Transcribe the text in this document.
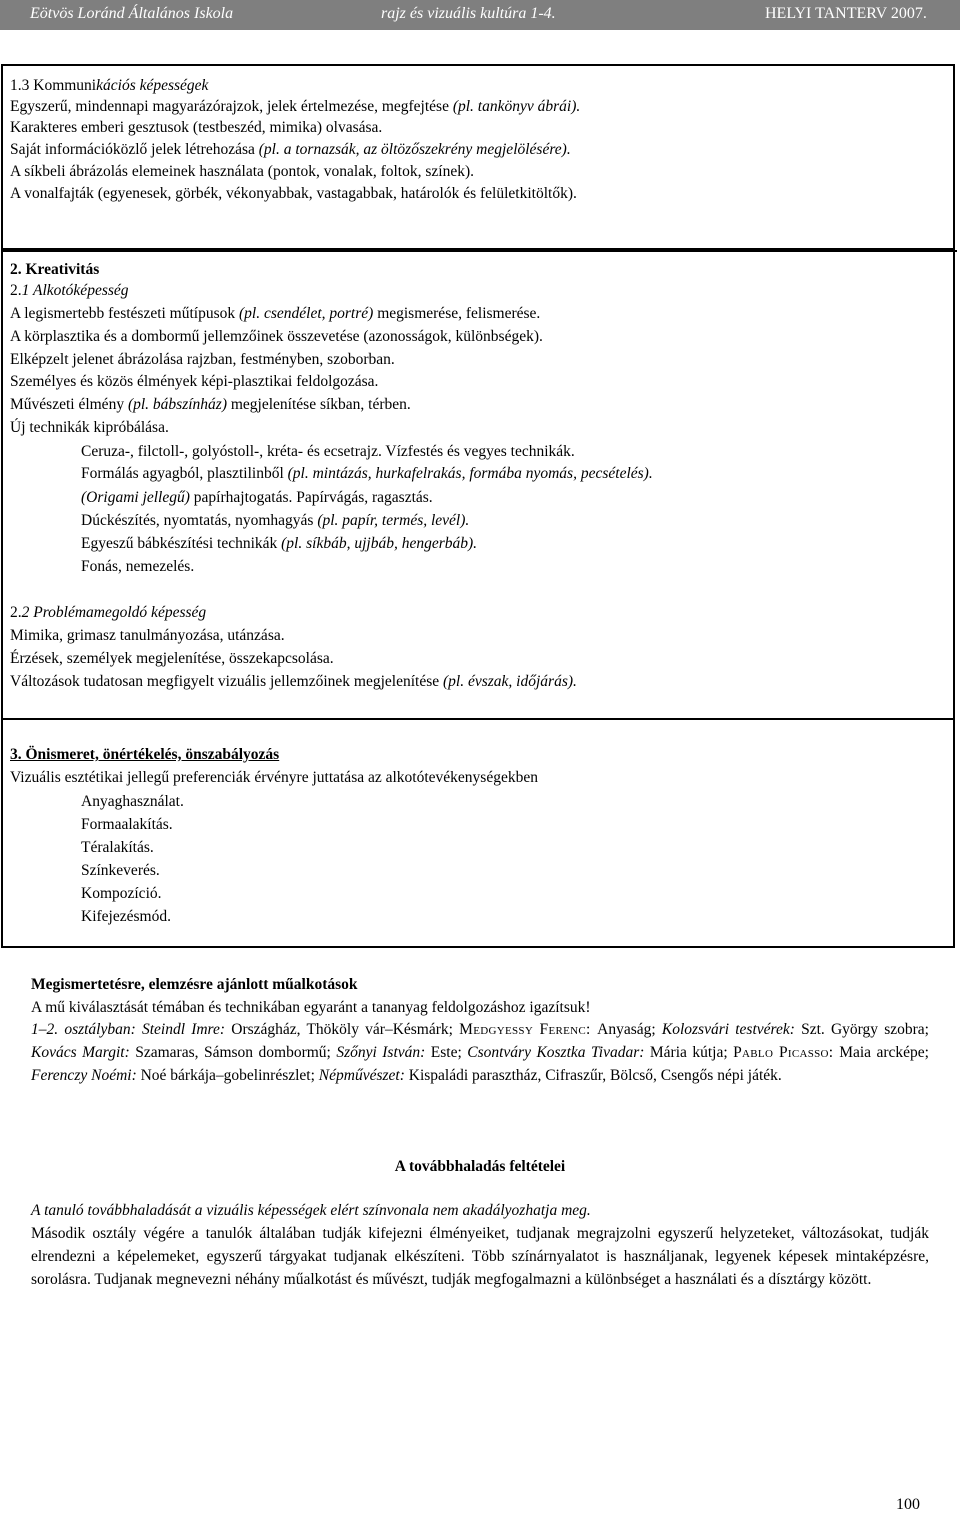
Eötvös Loránd Általános Iskola	rajz és vizuális kultúra 1-4.	HELYI TANTERV 2007.
1.3 Kommunikációs képességek
Egyszerű, mindennapi magyarázórajzok, jelek értelmezése, megfejtése (pl. tankönyv ábrái).
Karakteres emberi gesztusok (testbeszéd, mimika) olvasása.
Saját információközlő jelek létrehozása (pl. a tornazsák, az öltözőszekrény megjelölésére).
A síkbeli ábrázolás elemeinek használata (pontok, vonalak, foltok, színek).
A vonalfajták (egyenesek, görbék, vékonyabbak, vastagabbak, határolók és felületkitöltők).
2. Kreativitás
2.1 Alkotóképesség
A legismertebb festészeti műtípusok (pl. csendélet, portré) megismerése, felismerése.
A körplasztika és a dombormű jellemzőinek összevetése (azonosságok, különbségek).
Elképzelt jelenet ábrázolása rajzban, festményben, szoborban.
Személyes és közös élmények képi-plasztikai feldolgozása.
Művészeti élmény (pl. bábszínház) megjelenítése síkban, térben.
Új technikák kipróbálása.
Ceruza-, filctoll-, golyóstoll-, kréta- és ecsetrajz. Vízfestés és vegyes technikák.
Formálás agyagból, plasztilinből (pl. mintázás, hurkafelrakás, formába nyomás, pecsételés).
(Origami jellegű) papírhajtogatás. Papírvágás, ragasztás.
Dúckészítés, nyomtatás, nyomhagyás (pl. papír, termés, levél).
Egyeszű bábkészítési technikák (pl. síkbáb, ujjbáb, hengerbáb).
Fonás, nemezelés.
2.2 Problémamegoldó képesség
Mimika, grimasz tanulmányozása, utánzása.
Érzések, személyek megjelenítése, összekapcsolása.
Változások tudatosan megfigyelt vizuális jellemzőinek megjelenítése (pl. évszak, időjárás).
3. Önismeret, önértékelés, önszabályozás
Vizuális esztétikai jellegű preferenciák érvényre juttatása az alkotótevékenységekben
Anyaghasználat.
Formaalakítás.
Téralakítás.
Színkeverés.
Kompozíció.
Kifejezésmód.
Megismertetésre, elemzésre ajánlott műalkotások
A mű kiválasztását témában és technikában egyaránt a tananyag feldolgozáshoz igazítsuk!
1–2. osztályban: Steindl Imre: Országház, Thököly vár–Késmárk; Medgyessy Ferenc: Anyaság; Kolozsvári testvérek: Szt. György szobra; Kovács Margit: Szamaras, Sámson dombormű; Szőnyi István: Este; Csontváry Kosztka Tivadar: Mária kútja; Pablo Picasso: Maia arcképe; Ferenczy Noémi: Noé bárkája–gobelinrészlet; Népművészet: Kispaládi parasztház, Cifraszűr, Bölcső, Csengős népi játék.
A továbbhaladás feltételei
A tanuló továbbhaladását a vizuális képességek elért színvonala nem akadályozhatja meg.
Második osztály végére a tanulók általában tudják kifejezni élményeiket, tudjanak megrajzolni egyszerű helyzeteket, változásokat, tudják elrendezni a képelemeket, egyszerű tárgyakat tudjanak elkészíteni. Több színárnyalatot is használjanak, legyenek képesek mintaképzésre, sorolásra. Tudjanak megnevezni néhány műalkotást és művészt, tudják megfogalmazni a különbséget a használati és a dísztárgy között.
100
